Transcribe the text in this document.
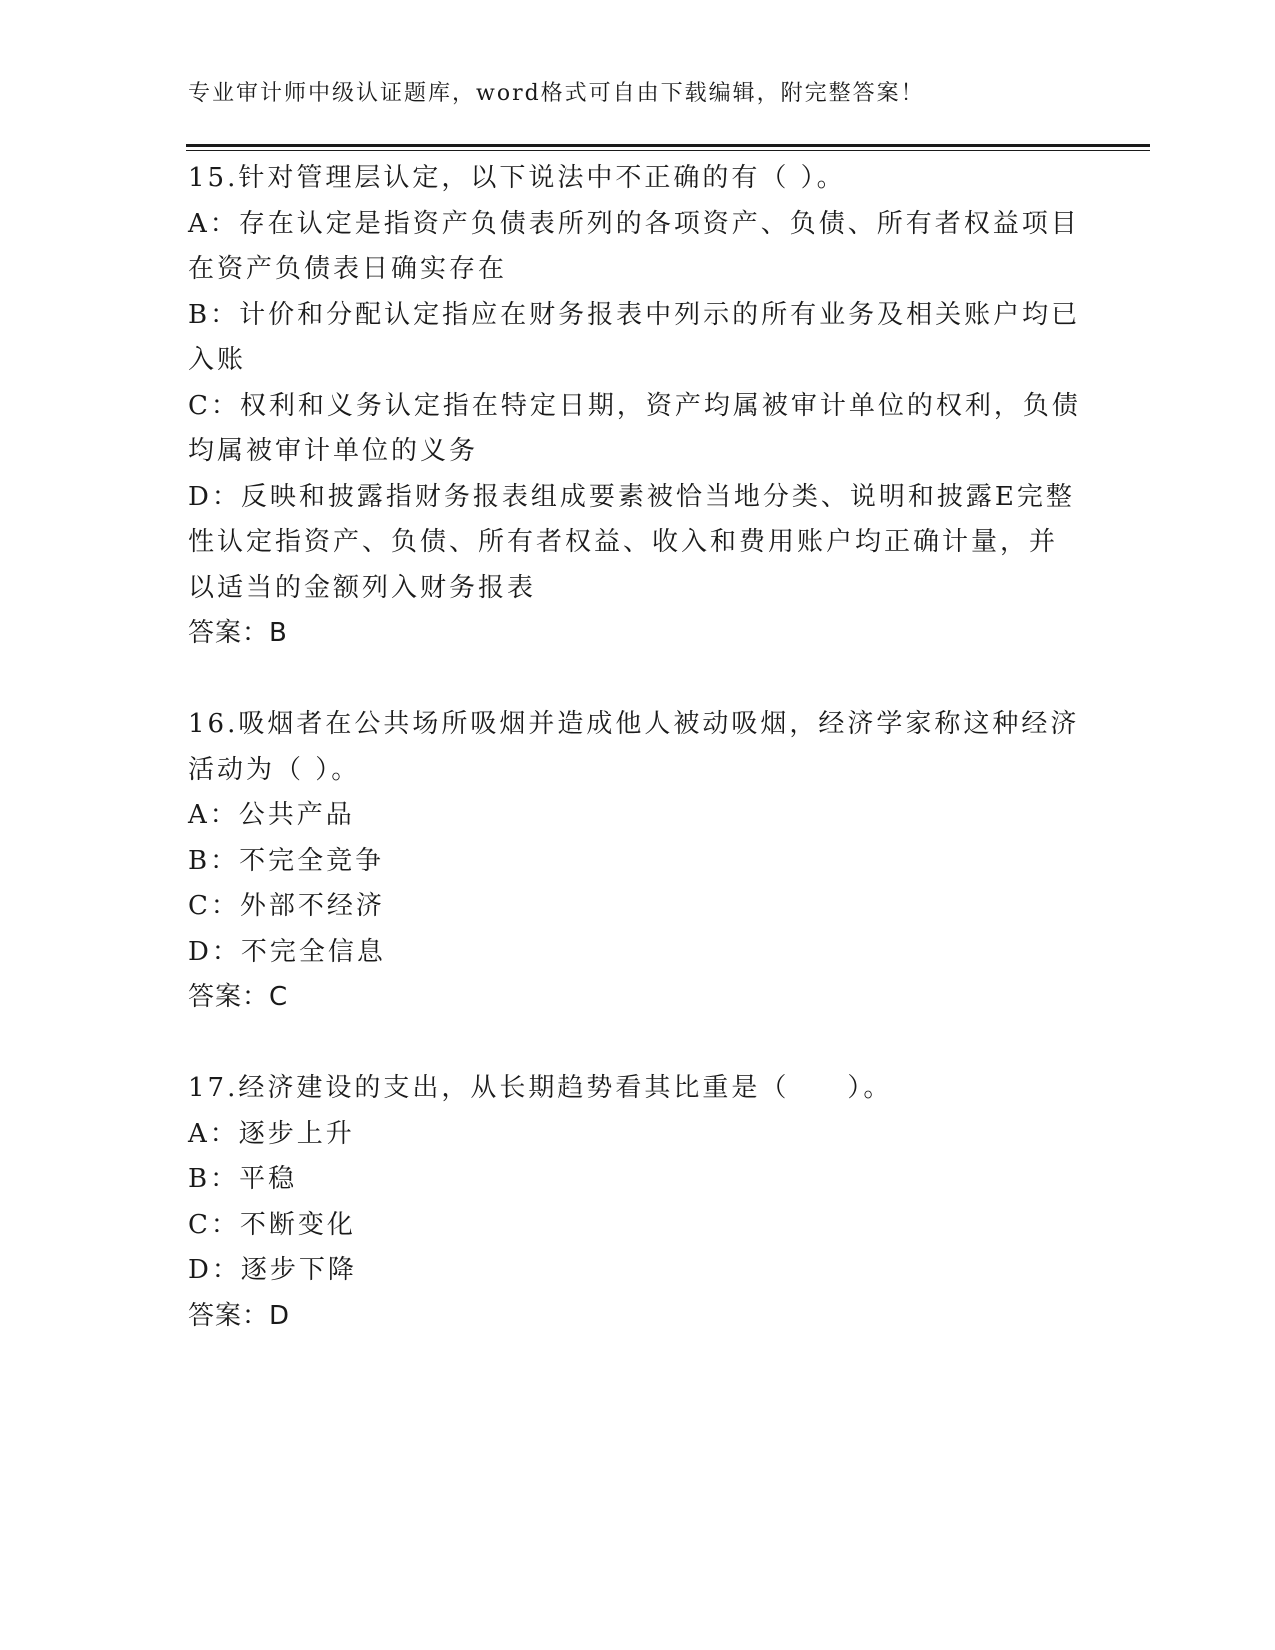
专业审计师中级认证题库，word格式可自由下载编辑，附完整答案！
15.针对管理层认定，以下说法中不正确的有（ ）。
A：存在认定是指资产负债表所列的各项资产、负债、所有者权益项目
在资产负债表日确实存在
B：计价和分配认定指应在财务报表中列示的所有业务及相关账户均已
入账
C：权利和义务认定指在特定日期，资产均属被审计单位的权利，负债
均属被审计单位的义务
D：反映和披露指财务报表组成要素被恰当地分类、说明和披露E完整
性认定指资产、负债、所有者权益、收入和费用账户均正确计量，并
以适当的金额列入财务报表
答案：B
16.吸烟者在公共场所吸烟并造成他人被动吸烟，经济学家称这种经济
活动为（ ）。
A：公共产品
B：不完全竞争
C：外部不经济
D：不完全信息
答案：C
17.经济建设的支出，从长期趋势看其比重是（　　）。
A：逐步上升
B：平稳
C：不断变化
D：逐步下降
答案：D
